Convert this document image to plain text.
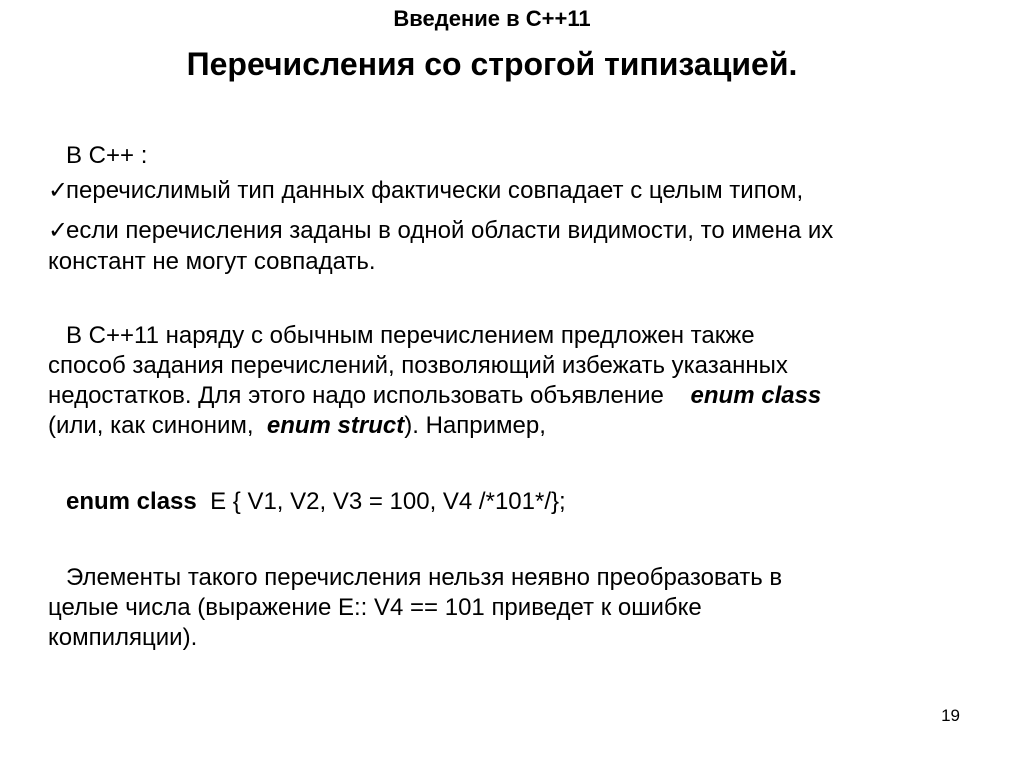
Введение в С++11
Перечисления со строгой типизацией.
В С++ :
✓перечислимый тип данных фактически совпадает с целым типом,
✓если перечисления заданы в одной области видимости, то имена их
констант не могут совпадать.
В С++11 наряду с обычным перечислением предложен также
способ задания перечислений, позволяющий избежать указанных
недостатков. Для этого надо использовать объявление enum class
(или, как синоним, enum struct). Например,
enum class E { V1, V2, V3 = 100, V4 /*101*/};
Элементы такого перечисления нельзя неявно преобразовать в
целые числа (выражение E:: V4 == 101 приведет к ошибке
компиляции).
19
